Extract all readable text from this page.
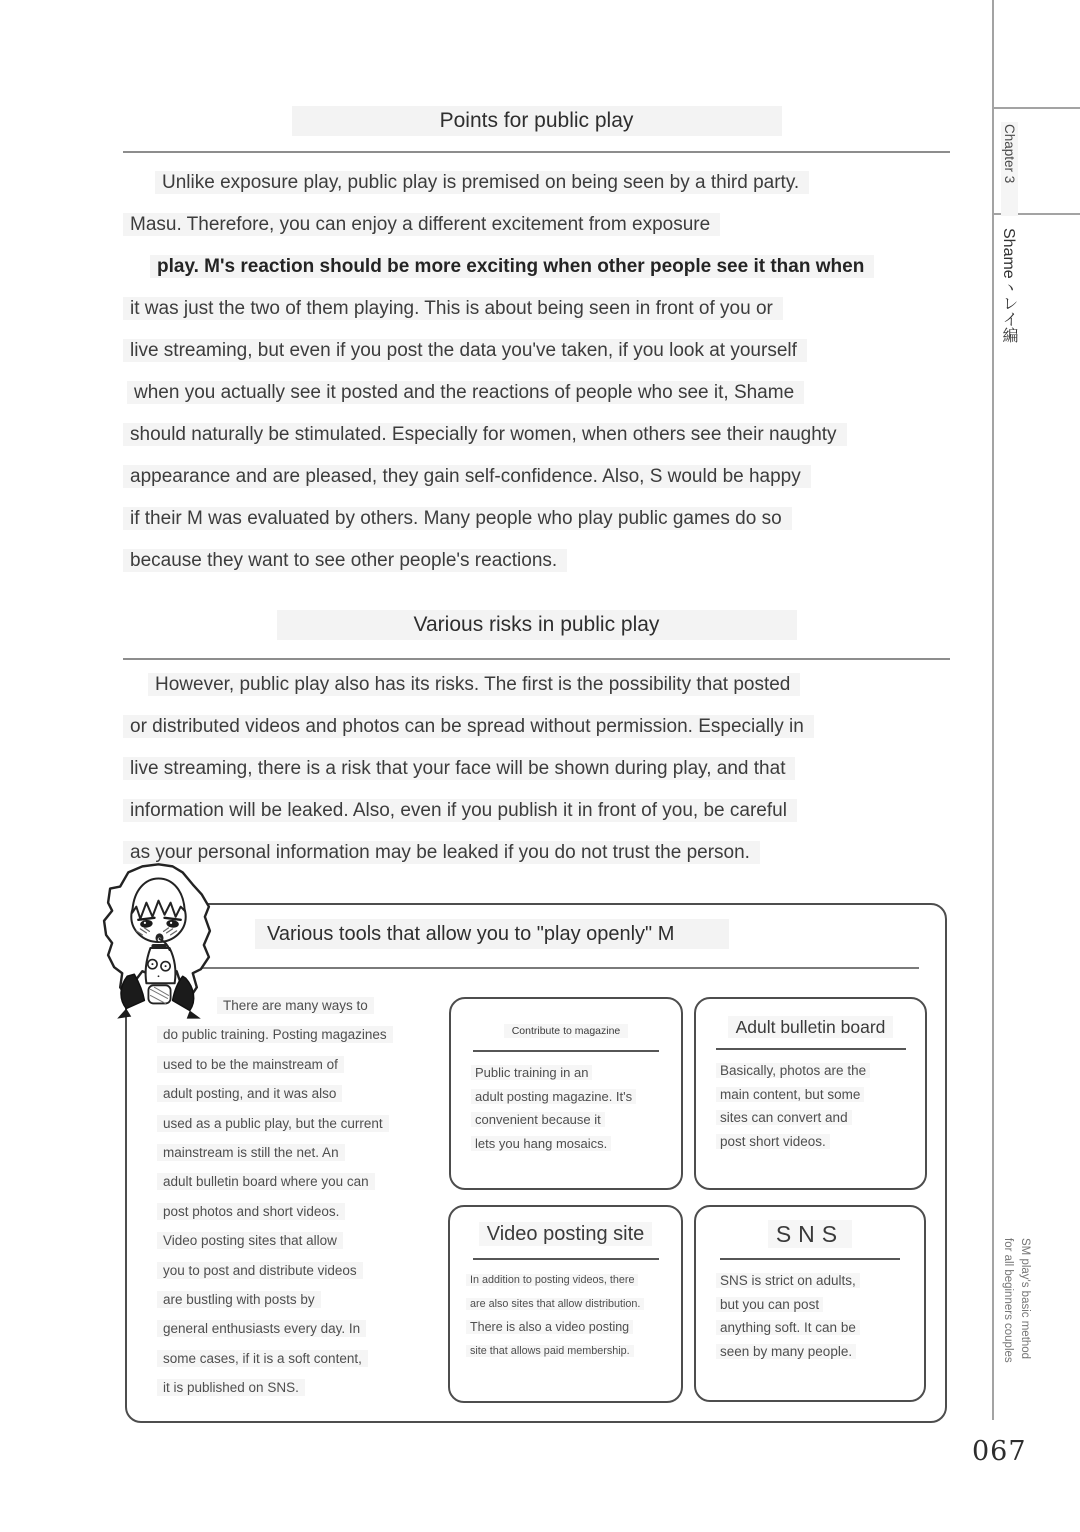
Points for public play
Unlike exposure play, public play is premised on being seen by a third party.
Masu. Therefore, you can enjoy a different excitement from exposure
play. M's reaction should be more exciting when other people see it than when
it was just the two of them playing. This is about being seen in front of you or
live streaming, but even if you post the data you've taken, if you look at yourself
when you actually see it posted and the reactions of people who see it, Shame
should naturally be stimulated. Especially for women, when others see their naughty
appearance and are pleased, they gain self-confidence. Also, S would be happy
if their M was evaluated by others. Many people who play public games do so
because they want to see other people's reactions.
Various risks in public play
However, public play also has its risks. The first is the possibility that posted
or distributed videos and photos can be spread without permission. Especially in
live streaming, there is a risk that your face will be shown during play, and that
information will be leaked. Also, even if you publish it in front of you, be careful
as your personal information may be leaked if you do not trust the person.
Various tools that allow you to "play openly" M
There are many ways to
do public training. Posting magazines
used to be the mainstream of
adult posting, and it was also
used as a public play, but the current
mainstream is still the net. An
adult bulletin board where you can
post photos and short videos.
Video posting sites that allow
you to post and distribute videos
are bustling with posts by
general enthusiasts every day. In
some cases, if it is a soft content,
it is published on SNS.
Contribute to magazine
Public training in an
adult posting magazine. It's
convenient because it
lets you hang mosaics.
Adult bulletin board
Basically, photos are the
main content, but some
sites can convert and
post short videos.
Video posting site
In addition to posting videos, there
are also sites that allow distribution.
There is also a video posting
site that allows paid membership.
SNS
SNS is strict on adults,
but you can post
anything soft. It can be
seen by many people.
Chapter 3
Shameヽレイ編
SM play's basic method
for all beginners couples
067
